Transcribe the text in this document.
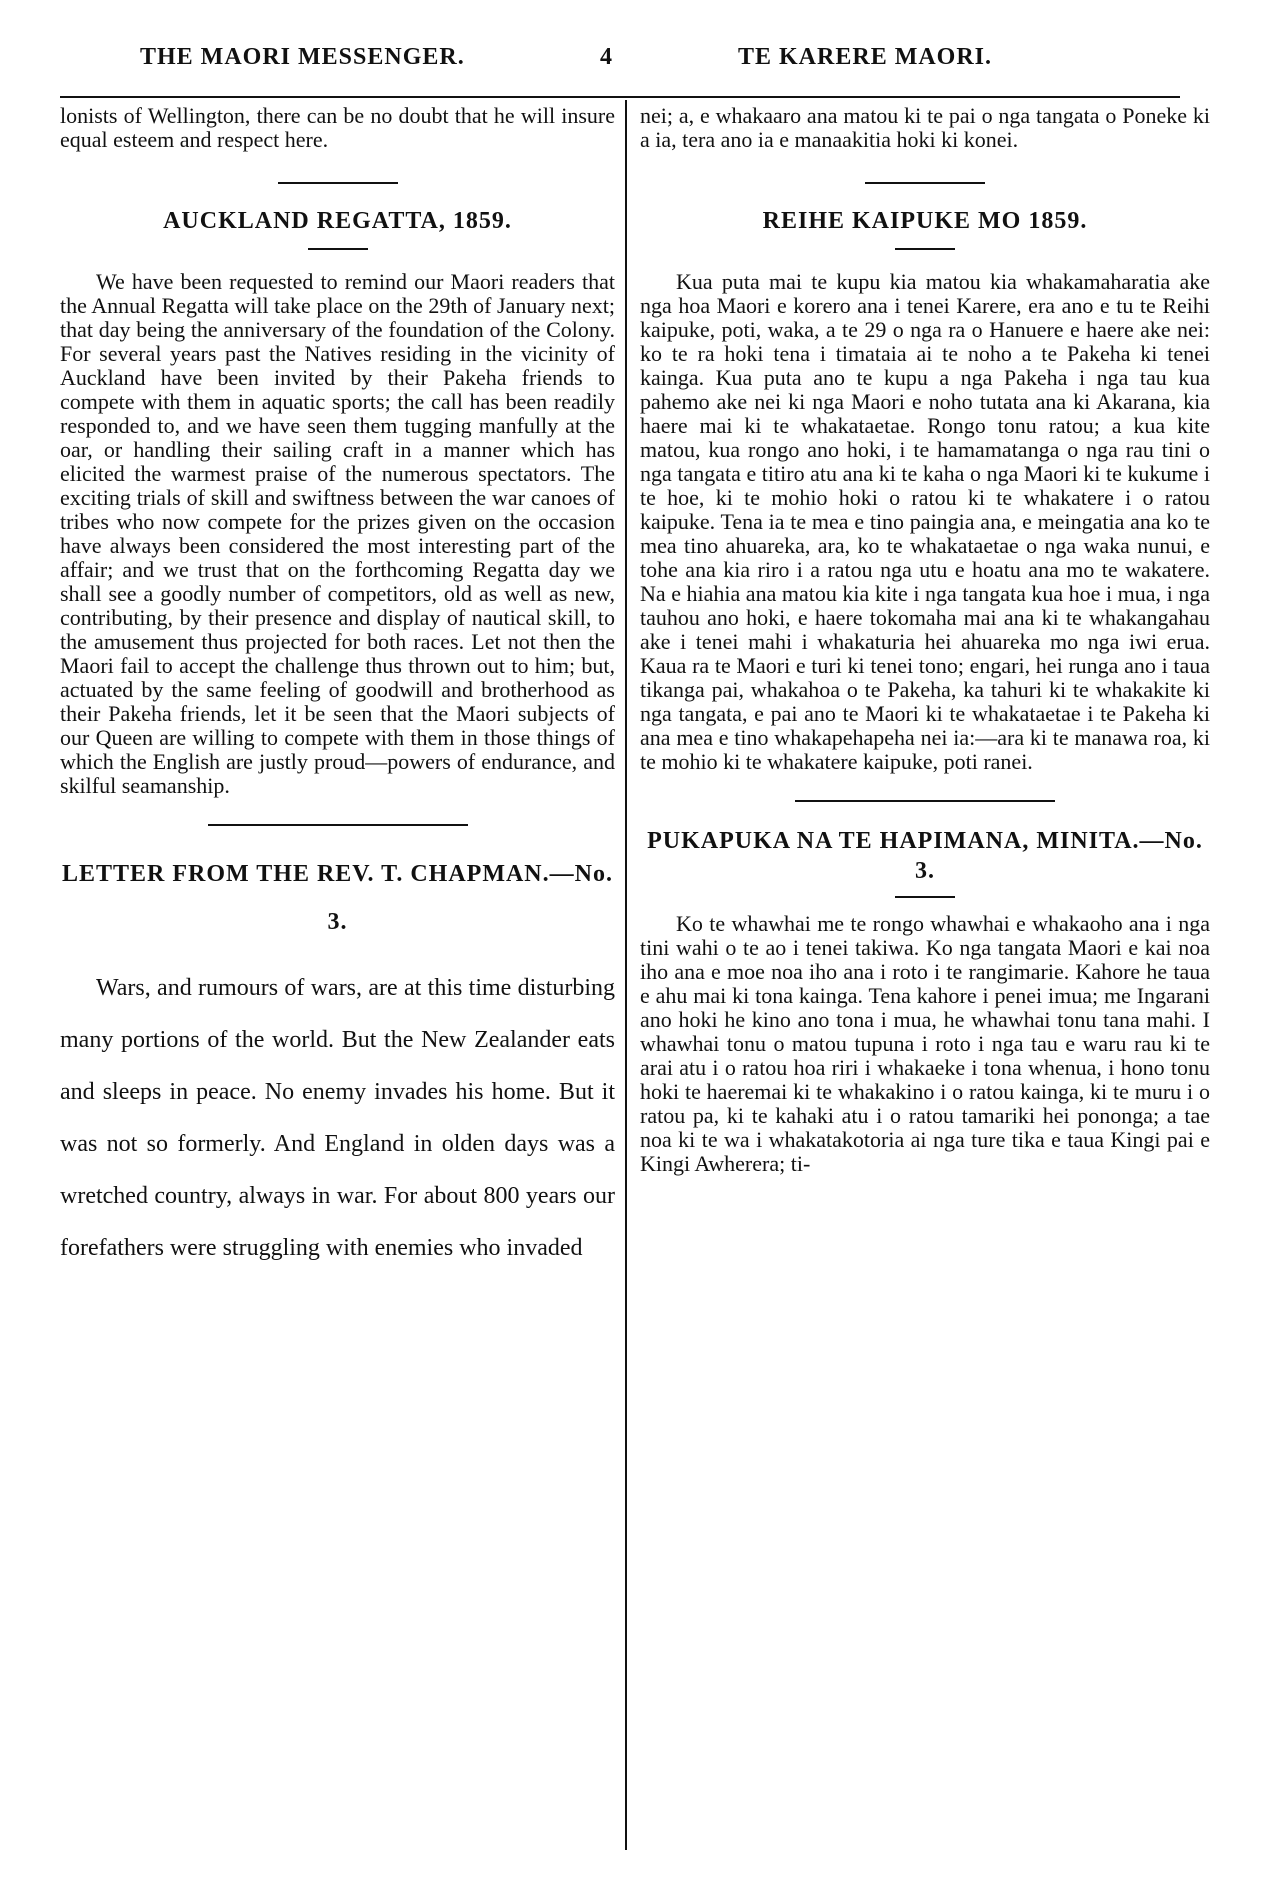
THE MAORI MESSENGER.	4	TE KARERE MAORI.

lonists of Wellington, there can be no doubt that he will insure equal esteem and respect here.

AUCKLAND REGATTA, 1859.

We have been requested to remind our Maori readers that the Annual Regatta will take place on the 29th of January next; that day being the anniversary of the foundation of the Colony. For several years past the Natives residing in the vicinity of Auckland have been invited by their Pakeha friends to compete with them in aquatic sports; the call has been readily responded to, and we have seen them tugging manfully at the oar, or handling their sailing craft in a manner which has elicited the warmest praise of the numerous spectators. The exciting trials of skill and swiftness between the war canoes of tribes who now compete for the prizes given on the occasion have always been considered the most interesting part of the affair; and we trust that on the forthcoming Regatta day we shall see a goodly number of competitors, old as well as new, contributing, by their presence and display of nautical skill, to the amusement thus projected for both races. Let not then the Maori fail to accept the challenge thus thrown out to him; but, actuated by the same feeling of goodwill and brotherhood as their Pakeha friends, let it be seen that the Maori subjects of our Queen are willing to compete with them in those things of which the English are justly proud—powers of endurance, and skilful seamanship.

LETTER FROM THE REV. T. CHAPMAN.—No. 3.

Wars, and rumours of wars, are at this time disturbing many portions of the world. But the New Zealander eats and sleeps in peace. No enemy invades his home. But it was not so formerly. And England in olden days was a wretched country, always in war. For about 800 years our forefathers were struggling with enemies who invaded

nei; a, e whakaaro ana matou ki te pai o nga tangata o Poneke ki a ia, tera ano ia e manaakitia hoki ki konei.

REIHE KAIPUKE MO 1859.

Kua puta mai te kupu kia matou kia whakamaharatia ake nga hoa Maori e korero ana i tenei Karere, era ano e tu te Reihi kaipuke, poti, waka, a te 29 o nga ra o Hanuere e haere ake nei: ko te ra hoki tena i timataia ai te noho a te Pakeha ki tenei kainga. Kua puta ano te kupu a nga Pakeha i nga tau kua pahemo ake nei ki nga Maori e noho tutata ana ki Akarana, kia haere mai ki te whakataetae. Rongo tonu ratou; a kua kite matou, kua rongo ano hoki, i te hamamatanga o nga rau tini o nga tangata e titiro atu ana ki te kaha o nga Maori ki te kukume i te hoe, ki te mohio hoki o ratou ki te whakatere i o ratou kaipuke. Tena ia te mea e tino paingia ana, e meingatia ana ko te mea tino ahuareka, ara, ko te whakataetae o nga waka nunui, e tohe ana kia riro i a ratou nga utu e hoatu ana mo te wakatere. Na e hiahia ana matou kia kite i nga tangata kua hoe i mua, i nga tauhou ano hoki, e haere tokomaha mai ana ki te whakangahau ake i tenei mahi i whakaturia hei ahuareka mo nga iwi erua. Kaua ra te Maori e turi ki tenei tono; engari, hei runga ano i taua tikanga pai, whakahoa o te Pakeha, ka tahuri ki te whakakite ki nga tangata, e pai ano te Maori ki te whakataetae i te Pakeha ki ana mea e tino whakapehapeha nei ia:—ara ki te manawa roa, ki te mohio ki te whakatere kaipuke, poti ranei.

PUKAPUKA NA TE HAPIMANA, MINITA.—No. 3.

Ko te whawhai me te rongo whawhai e whakaoho ana i nga tini wahi o te ao i tenei takiwa. Ko nga tangata Maori e kai noa iho ana e moe noa iho ana i roto i te rangimarie. Kahore he taua e ahu mai ki tona kainga. Tena kahore i penei imua; me Ingarani ano hoki he kino ano tona i mua, he whawhai tonu tana mahi. I whawhai tonu o matou tupuna i roto i nga tau e waru rau ki te arai atu i o ratou hoa riri i whakaeke i tona whenua, i hono tonu hoki te haeremai ki te whakakino i o ratou kainga, ki te muru i o ratou pa, ki te kahaki atu i o ratou tamariki hei pononga; a tae noa ki te wa i whakatakotoria ai nga ture tika e taua Kingi pai e Kingi Awherera; ti-
